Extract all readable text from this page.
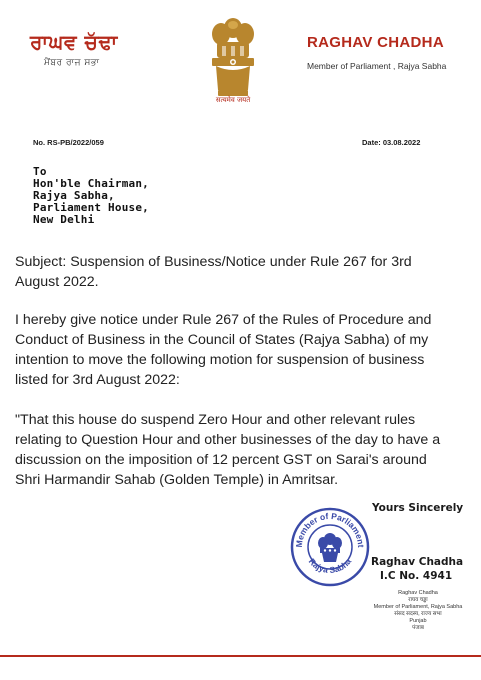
ਰਾਘਵ ਚੱਢਾ
ਮੈਂਬਰ ਰਾਜ ਸਭਾ
सत्यमेव जयते
RAGHAV CHADHA
Member of Parliament , Rajya Sabha
No. RS-PB/2022/059	Date: 03.08.2022
To
Hon'ble Chairman,
Rajya Sabha,
Parliament House,
New Delhi
Subject: Suspension of Business/Notice under Rule 267 for 3rd
August 2022.
I hereby give notice under Rule 267 of the Rules of Procedure and
Conduct of Business in the Council of States (Rajya Sabha) of my
intention to move the following motion for suspension of business
listed for 3rd August 2022:
"That this house do suspend Zero Hour and other relevant rules
relating to Question Hour and other businesses of the day to have a
discussion on the imposition of 12 percent GST on Sarai's around
Shri Harmandir Sahab (Golden Temple) in Amritsar.
Yours Sincerely
Member of Parliament
Rajya Sabha Raghav Chadha
I.C No. 4941
Raghav Chadha
राघव चड्ढा
Member of Parliament, Rajya Sabha
संसद सदस्य, राज्य सभा
Punjab
पंजाब
